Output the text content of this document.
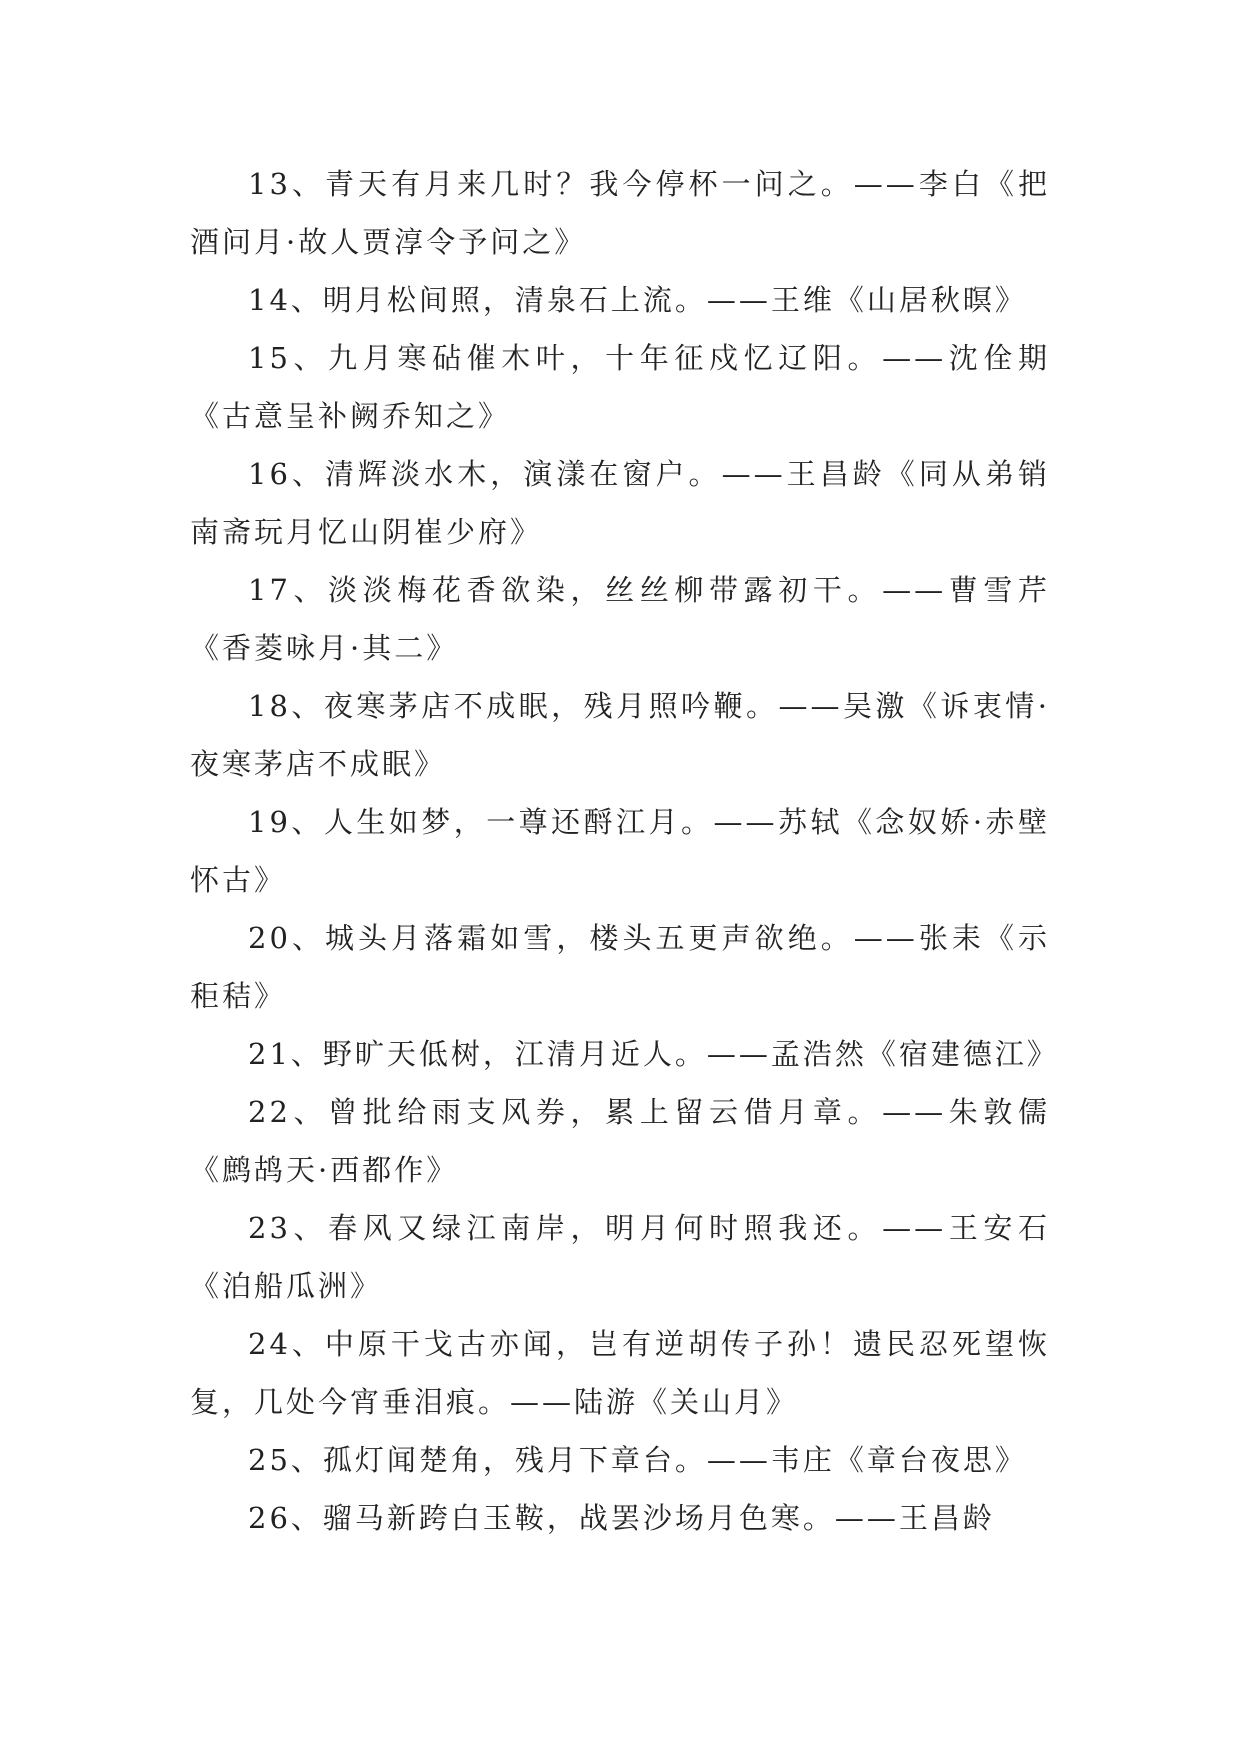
13、青天有月来几时？我今停杯一问之。——李白《把酒问月·故人贾淳令予问之》

14、明月松间照，清泉石上流。——王维《山居秋暝》

15、九月寒砧催木叶，十年征戍忆辽阳。——沈佺期《古意呈补阙乔知之》

16、清辉淡水木，演漾在窗户。——王昌龄《同从弟销南斋玩月忆山阴崔少府》

17、淡淡梅花香欲染，丝丝柳带露初干。——曹雪芹《香菱咏月·其二》

18、夜寒茅店不成眠，残月照吟鞭。——吴激《诉衷情·夜寒茅店不成眠》

19、人生如梦，一尊还酹江月。——苏轼《念奴娇·赤壁怀古》

20、城头月落霜如雪，楼头五更声欲绝。——张耒《示秬秸》

21、野旷天低树，江清月近人。——孟浩然《宿建德江》

22、曾批给雨支风券，累上留云借月章。——朱敦儒《鹧鸪天·西都作》

23、春风又绿江南岸，明月何时照我还。——王安石《泊船瓜洲》

24、中原干戈古亦闻，岂有逆胡传子孙！遗民忍死望恢复，几处今宵垂泪痕。——陆游《关山月》

25、孤灯闻楚角，残月下章台。——韦庄《章台夜思》

26、骝马新跨白玉鞍，战罢沙场月色寒。——王昌龄
